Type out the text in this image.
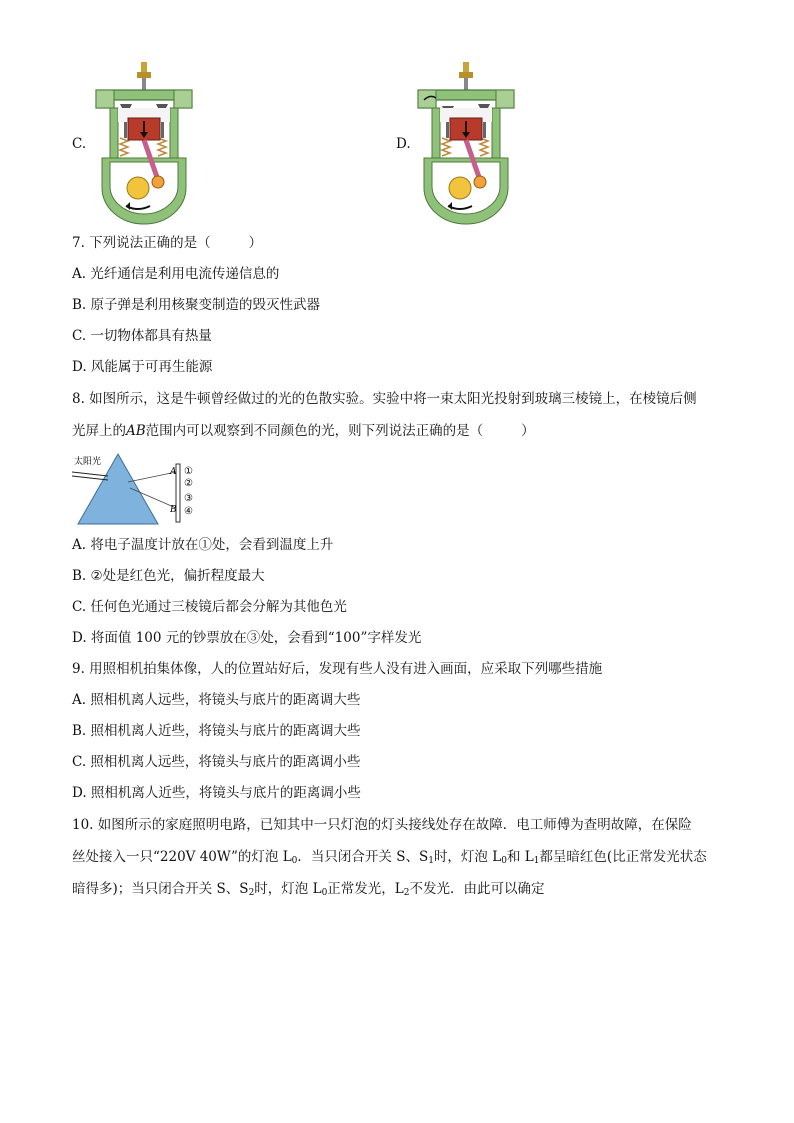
C.	D.
7. 下列说法正确的是（	）
A. 光纤通信是利用电流传递信息的
B. 原子弹是利用核聚变制造的毁灭性武器
C. 一切物体都具有热量
D. 风能属于可再生能源
8. 如图所示，这是牛顿曾经做过的光的色散实验。实验中将一束太阳光投射到玻璃三棱镜上，在棱镜后侧
光屏上的AB范围内可以观察到不同颜色的光，则下列说法正确的是（	）
太阳光
A
B
①
②
③
④
A. 将电子温度计放在①处，会看到温度上升
B. ②处是红色光，偏折程度最大
C. 任何色光通过三棱镜后都会分解为其他色光
D. 将面值 100 元的钞票放在③处，会看到“100”字样发光
9. 用照相机拍集体像，人的位置站好后，发现有些人没有进入画面，应采取下列哪些措施
A. 照相机离人远些，将镜头与底片的距离调大些
B. 照相机离人近些，将镜头与底片的距离调大些
C. 照相机离人远些，将镜头与底片的距离调小些
D. 照相机离人近些，将镜头与底片的距离调小些
10. 如图所示的家庭照明电路，已知其中一只灯泡的灯头接线处存在故障．电工师傅为查明故障，在保险
丝处接入一只“220V 40W”的灯泡 $L_0$．当只闭合开关 S、$S_1$时，灯泡 $L_0$和 $L_1$都呈暗红色(比正常发光状态
暗得多)；当只闭合开关 S、$S_2$时，灯泡 $L_0$正常发光，$L_2$不发光．由此可以确定
